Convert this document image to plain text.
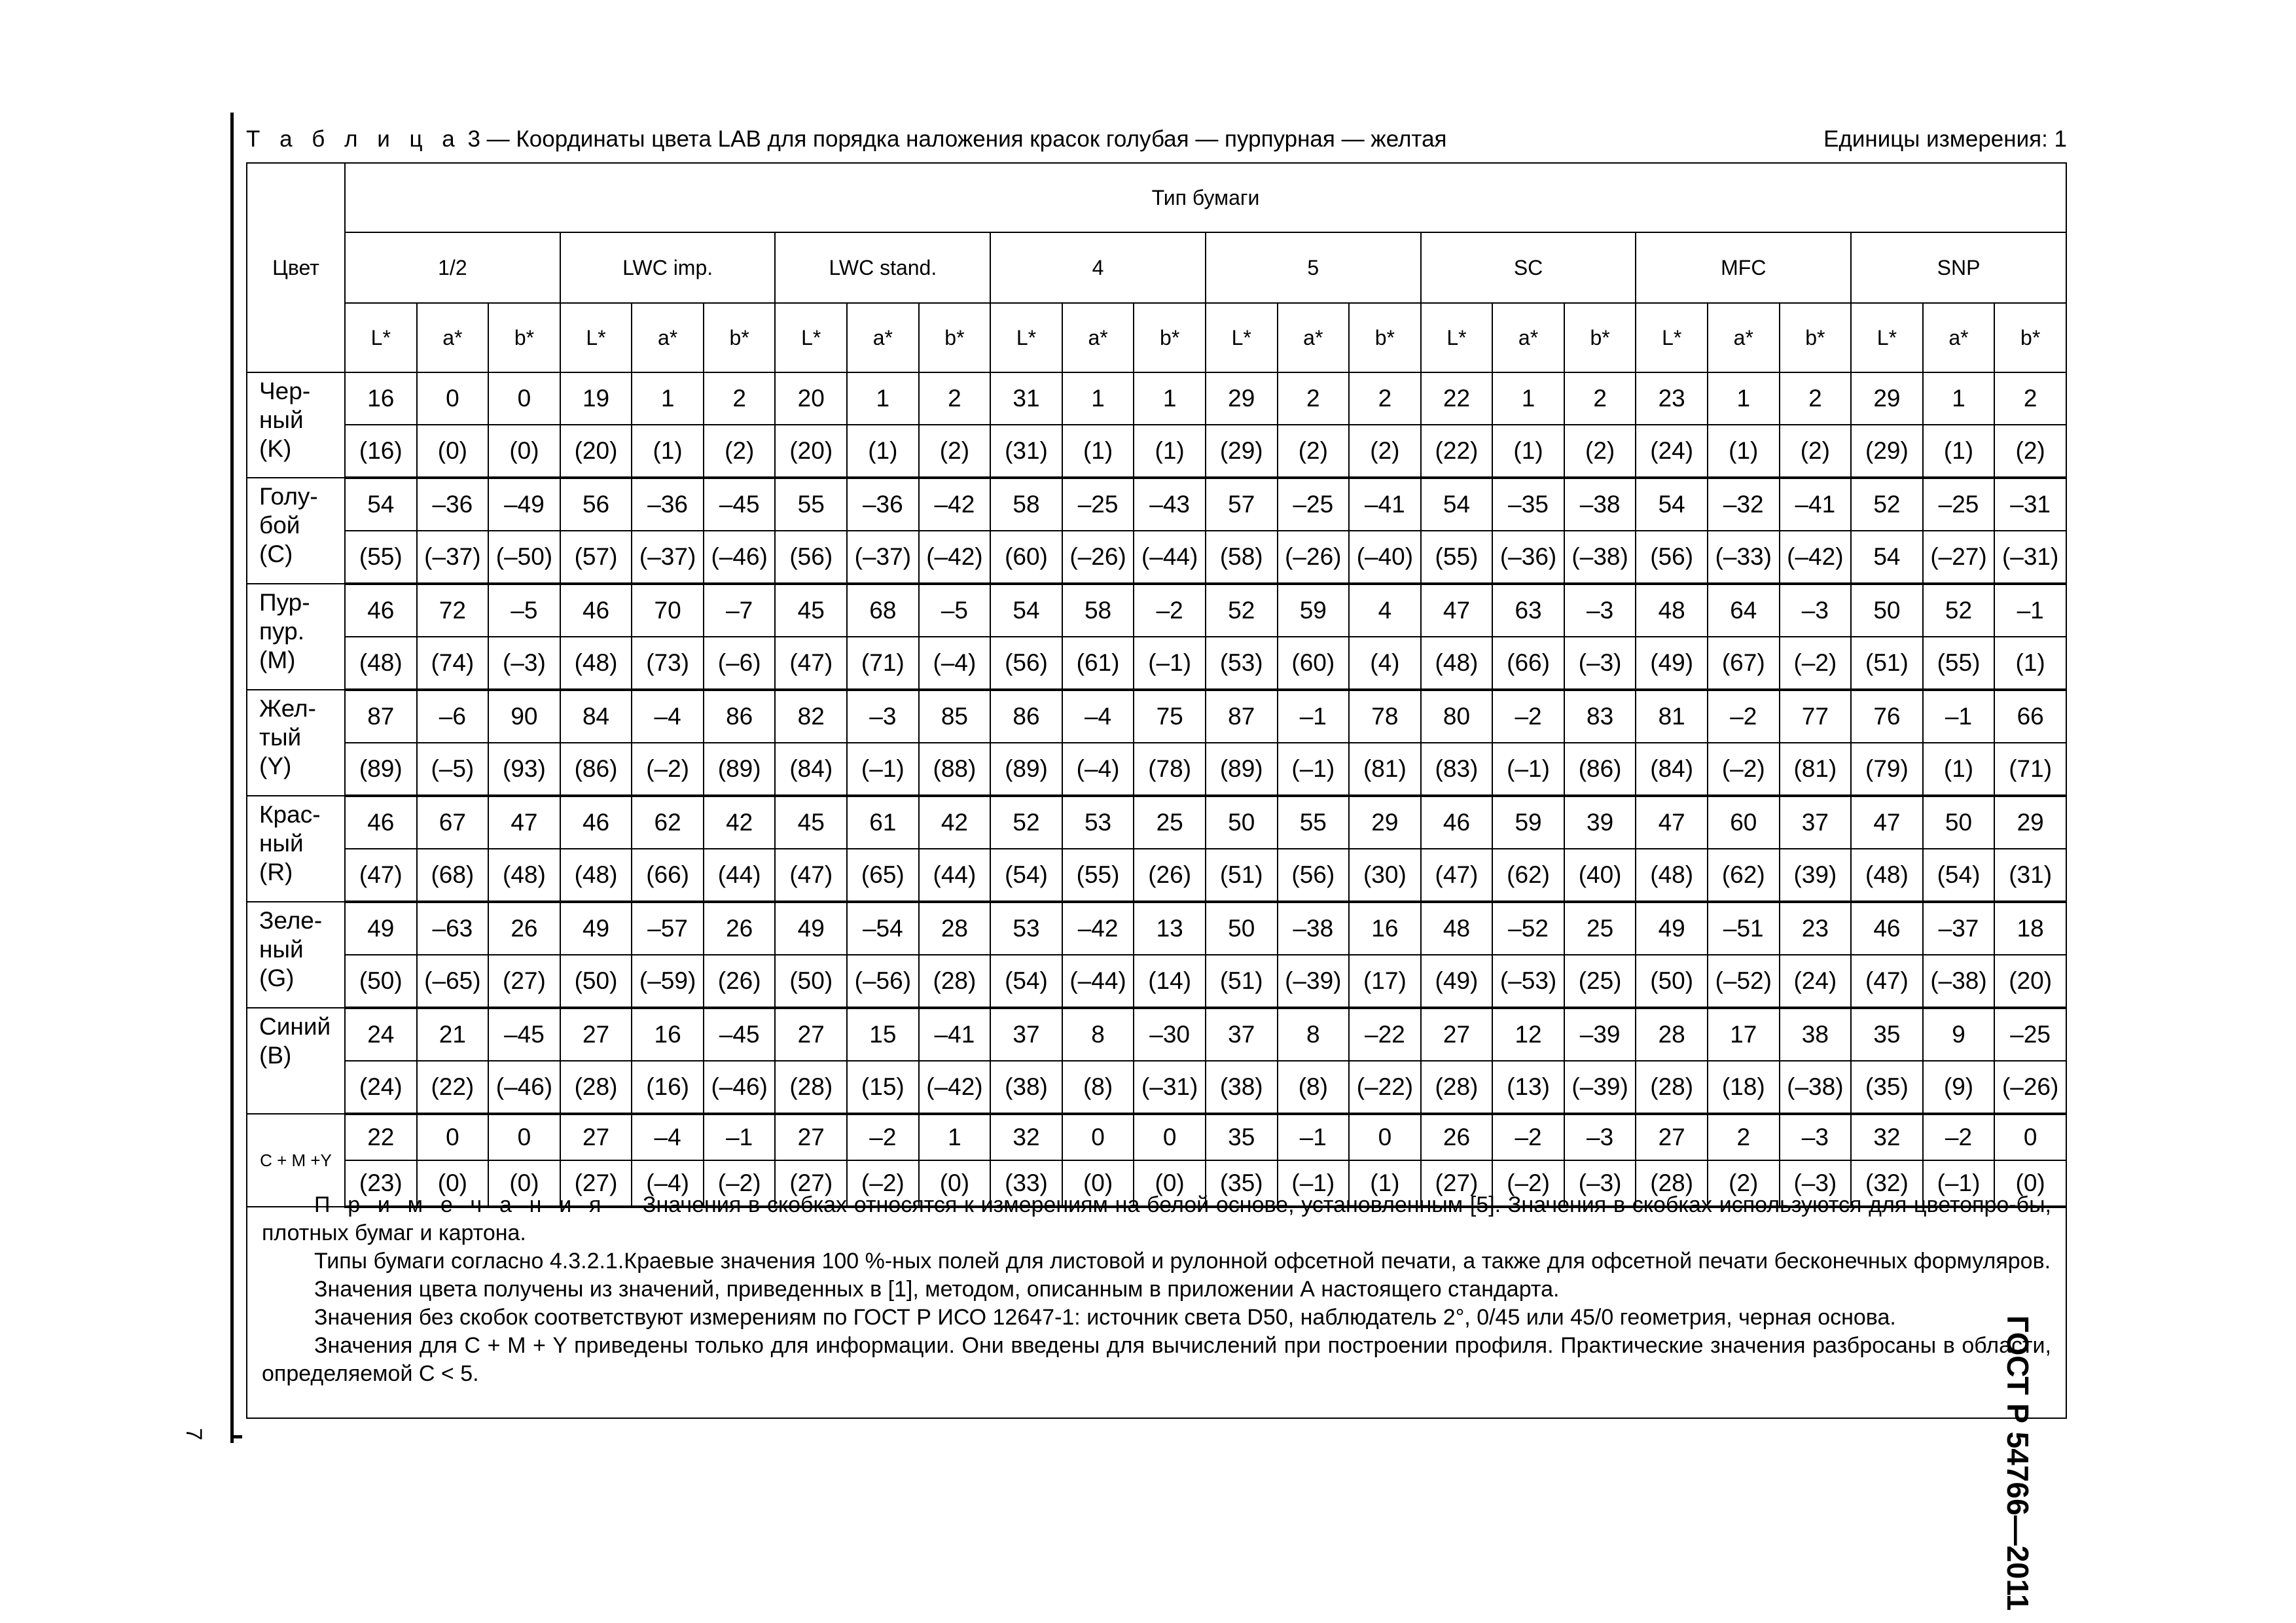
7	ГОСТ Р 54766—2011
Т а б л и ц а 3 — Координаты цвета LAB для порядка наложения красок голубая — пурпурная — желтая	Единицы измерения: 1
Цвет	Тип бумаги																							
	1/2			LWC imp.			LWC stand.			4			5			SC			MFC			SNP		
	L*	a*	b*	L*	a*	b*	L*	a*	b*	L*	a*	b*	L*	a*	b*	L*	a*	b*	L*	a*	b*	L*	a*	b*
Чер-
ный
(K)	16	0	0	19	1	2	20	1	2	31	1	1	29	2	2	22	1	2	23	1	2	29	1	2
	(16)	(0)	(0)	(20)	(1)	(2)	(20)	(1)	(2)	(31)	(1)	(1)	(29)	(2)	(2)	(22)	(1)	(2)	(24)	(1)	(2)	(29)	(1)	(2)
Голу-
бой
(С)	54	–36	–49	56	–36	–45	55	–36	–42	58	–25	–43	57	–25	–41	54	–35	–38	54	–32	–41	52	–25	–31
	(55)	(–37)	(–50)	(57)	(–37)	(–46)	(56)	(–37)	(–42)	(60)	(–26)	(–44)	(58)	(–26)	(–40)	(55)	(–36)	(–38)	(56)	(–33)	(–42)	54	(–27)	(–31)
Пур-
пур.
(M)	46	72	–5	46	70	–7	45	68	–5	54	58	–2	52	59	4	47	63	–3	48	64	–3	50	52	–1
	(48)	(74)	(–3)	(48)	(73)	(–6)	(47)	(71)	(–4)	(56)	(61)	(–1)	(53)	(60)	(4)	(48)	(66)	(–3)	(49)	(67)	(–2)	(51)	(55)	(1)
Жел-
тый
(Y)	87	–6	90	84	–4	86	82	–3	85	86	–4	75	87	–1	78	80	–2	83	81	–2	77	76	–1	66
	(89)	(–5)	(93)	(86)	(–2)	(89)	(84)	(–1)	(88)	(89)	(–4)	(78)	(89)	(–1)	(81)	(83)	(–1)	(86)	(84)	(–2)	(81)	(79)	(1)	(71)
Крас-
ный
(R)	46	67	47	46	62	42	45	61	42	52	53	25	50	55	29	46	59	39	47	60	37	47	50	29
	(47)	(68)	(48)	(48)	(66)	(44)	(47)	(65)	(44)	(54)	(55)	(26)	(51)	(56)	(30)	(47)	(62)	(40)	(48)	(62)	(39)	(48)	(54)	(31)
Зеле-
ный
(G)	49	–63	26	49	–57	26	49	–54	28	53	–42	13	50	–38	16	48	–52	25	49	–51	23	46	–37	18
	(50)	(–65)	(27)	(50)	(–59)	(26)	(50)	(–56)	(28)	(54)	(–44)	(14)	(51)	(–39)	(17)	(49)	(–53)	(25)	(50)	(–52)	(24)	(47)	(–38)	(20)
Синий
(B)	24	21	–45	27	16	–45	27	15	–41	37	8	–30	37	8	–22	27	12	–39	28	17	38	35	9	–25
	(24)	(22)	(–46)	(28)	(16)	(–46)	(28)	(15)	(–42)	(38)	(8)	(–31)	(38)	(8)	(–22)	(28)	(13)	(–39)	(28)	(18)	(–38)	(35)	(9)	(–26)
C + M +Y	22	0	0	27	–4	–1	27	–2	1	32	0	0	35	–1	0	26	–2	–3	27	2	–3	32	–2	0
	(23)	(0)	(0)	(27)	(–4)	(–2)	(27)	(–2)	(0)	(33)	(0)	(0)	(35)	(–1)	(1)	(27)	(–2)	(–3)	(28)	(2)	(–3)	(32)	(–1)	(0)

П р и м е ч а н и я — Значения в скобках относятся к измерениям на белой основе, установленным [5]. Значения в скобках используются для цветопро-бы, плотных бумаг и картона.

Типы бумаги согласно 4.3.2.1.Краевые значения 100 %-ных полей для листовой и рулонной офсетной печати, а также для офсетной печати бесконечных формуляров.

Значения цвета получены из значений, приведенных в [1], методом, описанным в приложении А настоящего стандарта.

Значения без скобок соответствуют измерениям по ГОСТ Р ИСО 12647-1: источник света D50, наблюдатель 2°, 0/45 или 45/0 геометрия, черная основа.

Значения для С + М + Y приведены только для информации. Они введены для вычислений при построении профиля. Практические значения разбросаны в области, определяемой С < 5.
